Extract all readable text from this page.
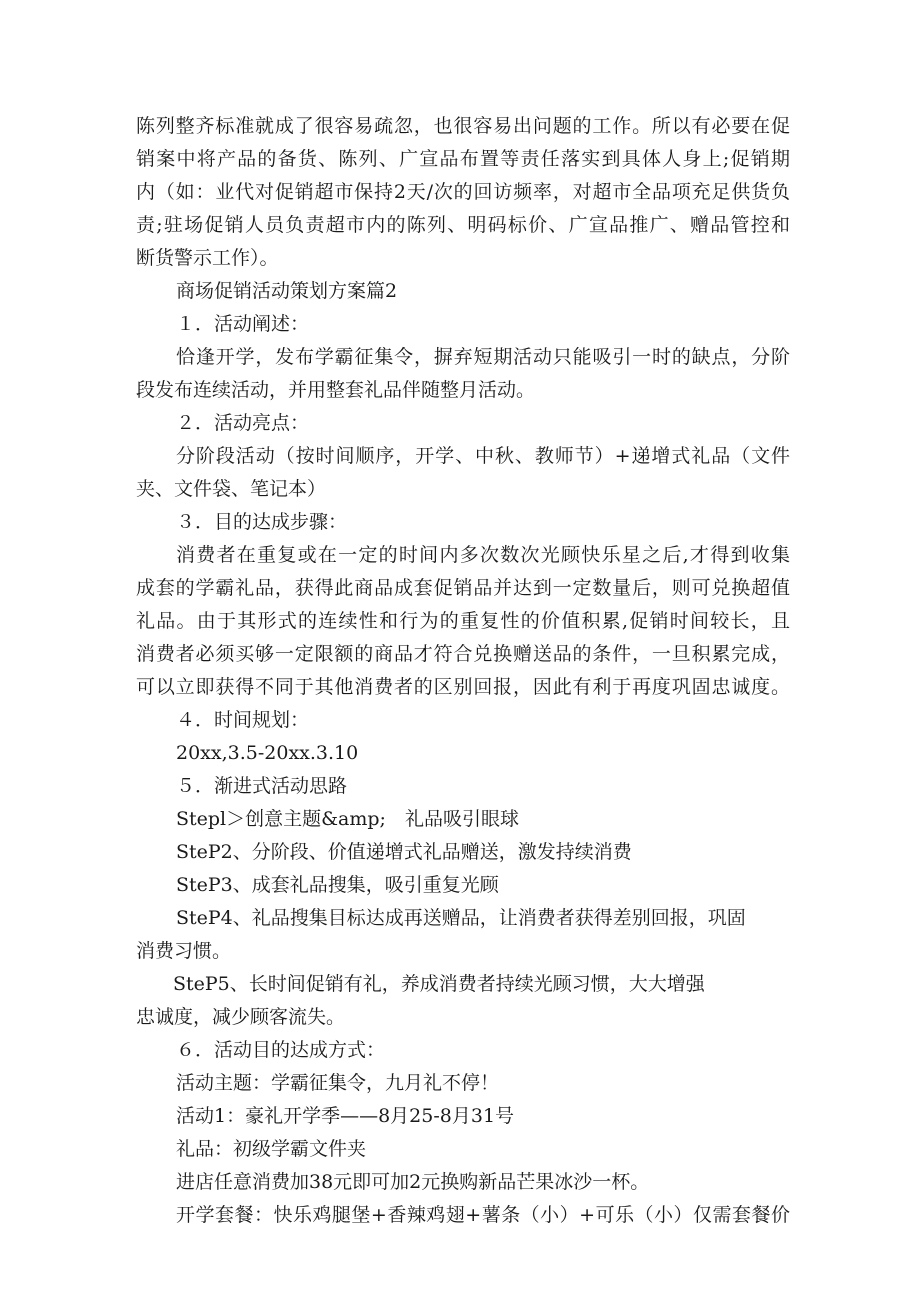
陈列整齐标准就成了很容易疏忽，也很容易出问题的工作。所以有必要在促
销案中将产品的备货、陈列、广宣品布置等责任落实到具体人身上;促销期
内（如：业代对促销超市保持2天/次的回访频率，对超市全品项充足供货负
责;驻场促销人员负责超市内的陈列、明码标价、广宣品推广、赠品管控和
断货警示工作）。
商场促销活动策划方案篇2
１．活动阐述：
恰逢开学，发布学霸征集令，摒弃短期活动只能吸引一时的缺点，分阶
段发布连续活动，并用整套礼品伴随整月活动。
２．活动亮点：
分阶段活动（按时间顺序，开学、中秋、教师节）+递增式礼品（文件
夹、文件袋、笔记本）
３．目的达成步骤：
消费者在重复或在一定的时间内多次数次光顾快乐星之后,才得到收集
成套的学霸礼品，获得此商品成套促销品并达到一定数量后，则可兑换超值
礼品。由于其形式的连续性和行为的重复性的价值积累,促销时间较长，且
消费者必须买够一定限额的商品才符合兑换赠送品的条件，一旦积累完成，
可以立即获得不同于其他消费者的区别回报，因此有利于再度巩固忠诚度。
４．时间规划：
20xx,3.5-20xx.3.10
５．渐进式活动思路
Stepl＞创意主题&amp;　礼品吸引眼球
SteP2、分阶段、价值递增式礼品赠送，激发持续消费
SteP3、成套礼品搜集，吸引重复光顾
SteP4、礼品搜集目标达成再送赠品，让消费者获得差别回报，巩固
消费习惯。
SteP5、长时间促销有礼，养成消费者持续光顾习惯，大大增强
忠诚度，减少顾客流失。
６．活动目的达成方式：
活动主题：学霸征集令，九月礼不停！
活动1：豪礼开学季——8月25-8月31号
礼品：初级学霸文件夹
进店任意消费加38元即可加2元换购新品芒果冰沙一杯。
开学套餐：快乐鸡腿堡+香辣鸡翅+薯条（小）+可乐（小）仅需套餐价
